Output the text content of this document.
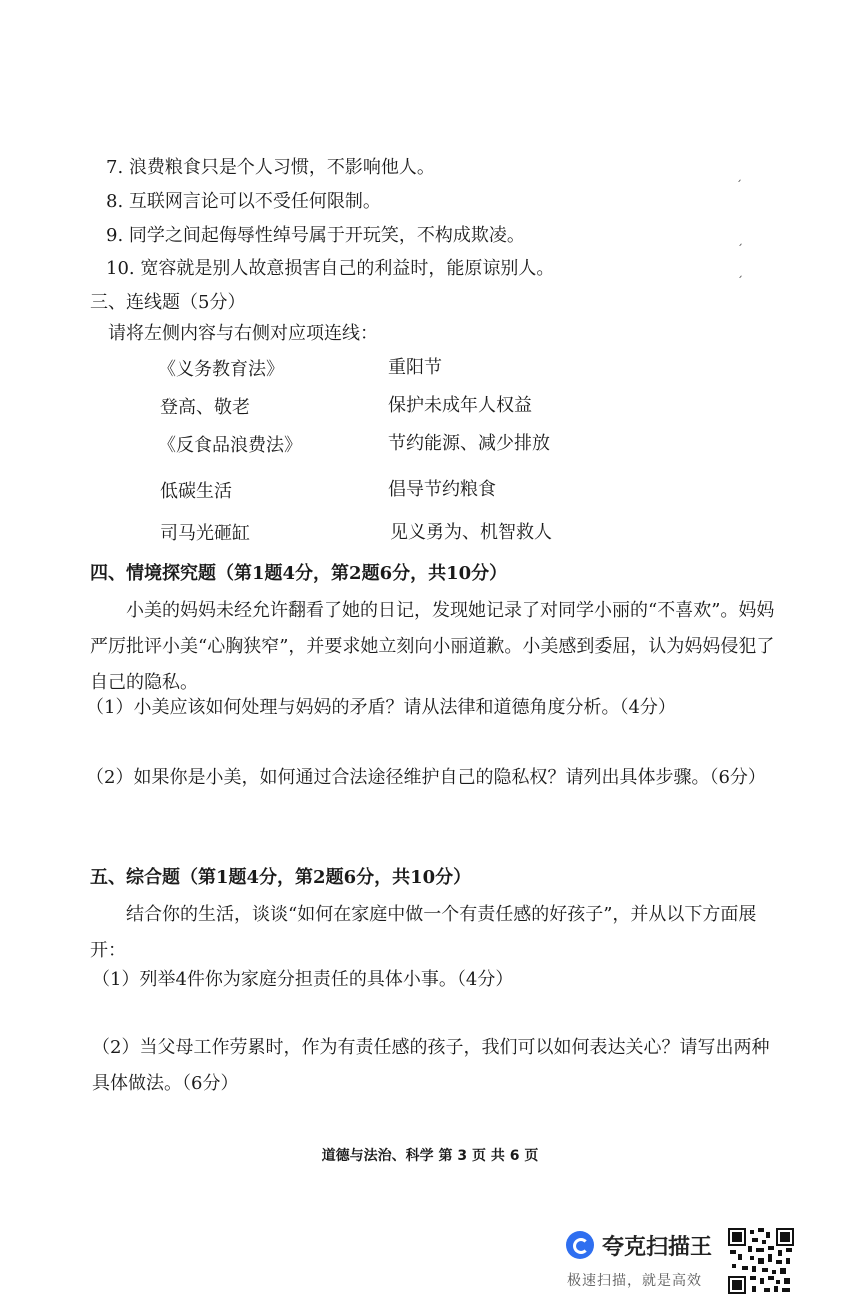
7. 浪费粮食只是个人习惯，不影响他人。
8. 互联网言论可以不受任何限制。
9. 同学之间起侮辱性绰号属于开玩笑，不构成欺凌。
10. 宽容就是别人故意损害自己的利益时，能原谅别人。
ˏ
ˏ
ˏ
三、连线题（5分）
请将左侧内容与右侧对应项连线：
《义务教育法》
登高、敬老
《反食品浪费法》
低碳生活
司马光砸缸
重阳节
保护未成年人权益
节约能源、减少排放
倡导节约粮食
见义勇为、机智救人
四、情境探究题（第1题4分，第2题6分，共10分）
小美的妈妈未经允许翻看了她的日记，发现她记录了对同学小丽的“不喜欢”。妈妈严厉批评小美“心胸狭窄”，并要求她立刻向小丽道歉。小美感到委屈，认为妈妈侵犯了自己的隐私。
（1）小美应该如何处理与妈妈的矛盾？请从法律和道德角度分析。（4分）
（2）如果你是小美，如何通过合法途径维护自己的隐私权？请列出具体步骤。（6分）
五、综合题（第1题4分，第2题6分，共10分）
结合你的生活，谈谈“如何在家庭中做一个有责任感的好孩子”，并从以下方面展开：
（1）列举4件你为家庭分担责任的具体小事。（4分）
（2）当父母工作劳累时，作为有责任感的孩子，我们可以如何表达关心？请写出两种具体做法。（6分）
道德与法治、科学 第 3 页 共 6 页
夸克扫描王
极速扫描，就是高效
